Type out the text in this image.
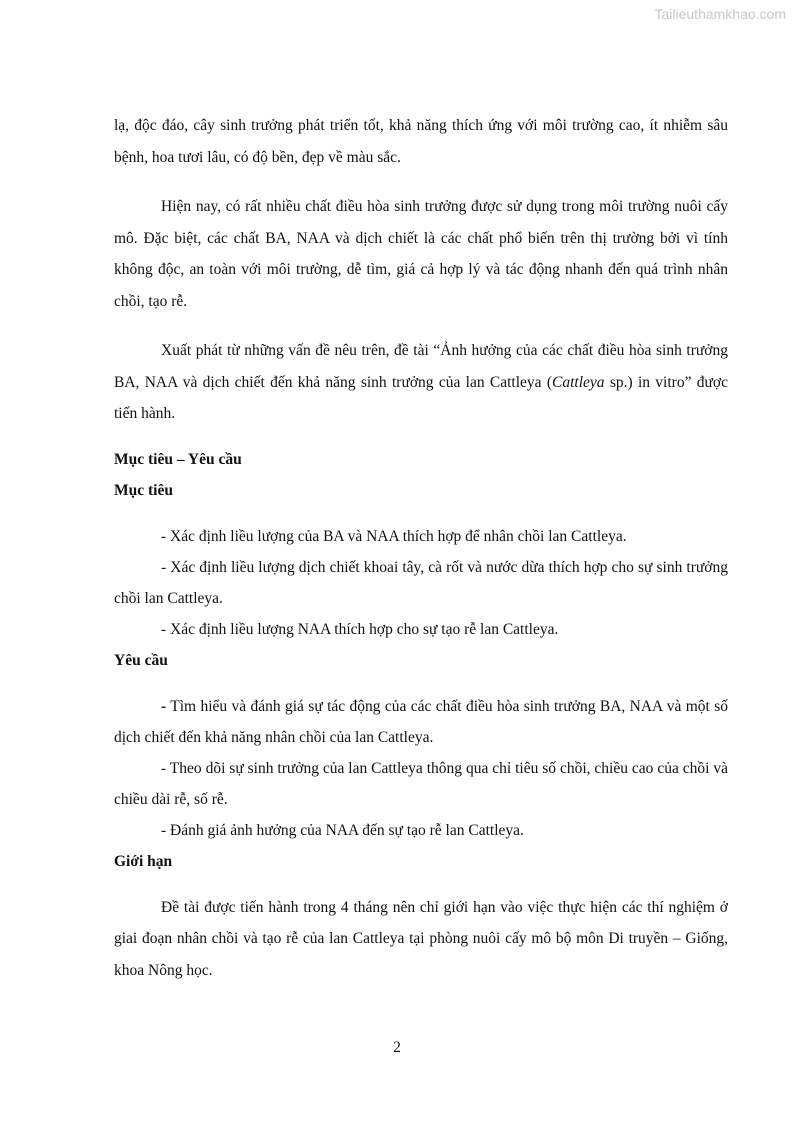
Tailieuthamkhao.com

lạ, độc đáo, cây sinh trưởng phát triển tốt, khả năng thích ứng với môi trường cao, ít nhiễm sâu bệnh, hoa tươi lâu, có độ bền, đẹp về màu sắc.

Hiện nay, có rất nhiều chất điều hòa sinh trưởng được sử dụng trong môi trường nuôi cấy mô. Đặc biệt, các chất BA, NAA và dịch chiết là các chất phổ biến trên thị trường bởi vì tính không độc, an toàn với môi trường, dễ tìm, giá cả hợp lý và tác động nhanh đến quá trình nhân chồi, tạo rễ.

Xuất phát từ những vấn đề nêu trên, đề tài “Ảnh hưởng của các chất điều hòa sinh trưởng BA, NAA và dịch chiết đến khả năng sinh trưởng của lan Cattleya (Cattleya sp.) in vitro” được tiến hành.

Mục tiêu – Yêu cầu

Mục tiêu

- Xác định liều lượng của BA và NAA thích hợp để nhân chồi lan Cattleya.

- Xác định liều lượng dịch chiết khoai tây, cà rốt và nước dừa thích hợp cho sự sinh trưởng chồi lan Cattleya.

- Xác định liều lượng NAA thích hợp cho sự tạo rễ lan Cattleya.

Yêu cầu

- Tìm hiểu và đánh giá sự tác động của các chất điều hòa sinh trưởng BA, NAA và một số dịch chiết đến khả năng nhân chồi của lan Cattleya.

- Theo dõi sự sinh trưởng của lan Cattleya thông qua chỉ tiêu số chồi, chiều cao của chồi và chiều dài rễ, số rễ.

- Đánh giá ảnh hưởng của NAA đến sự tạo rễ lan Cattleya.

Giới hạn

Đề tài được tiến hành trong 4 tháng nên chỉ giới hạn vào việc thực hiện các thí nghiệm ở giai đoạn nhân chồi và tạo rễ của lan Cattleya tại phòng nuôi cấy mô bộ môn Di truyền – Giống, khoa Nông học.

2
